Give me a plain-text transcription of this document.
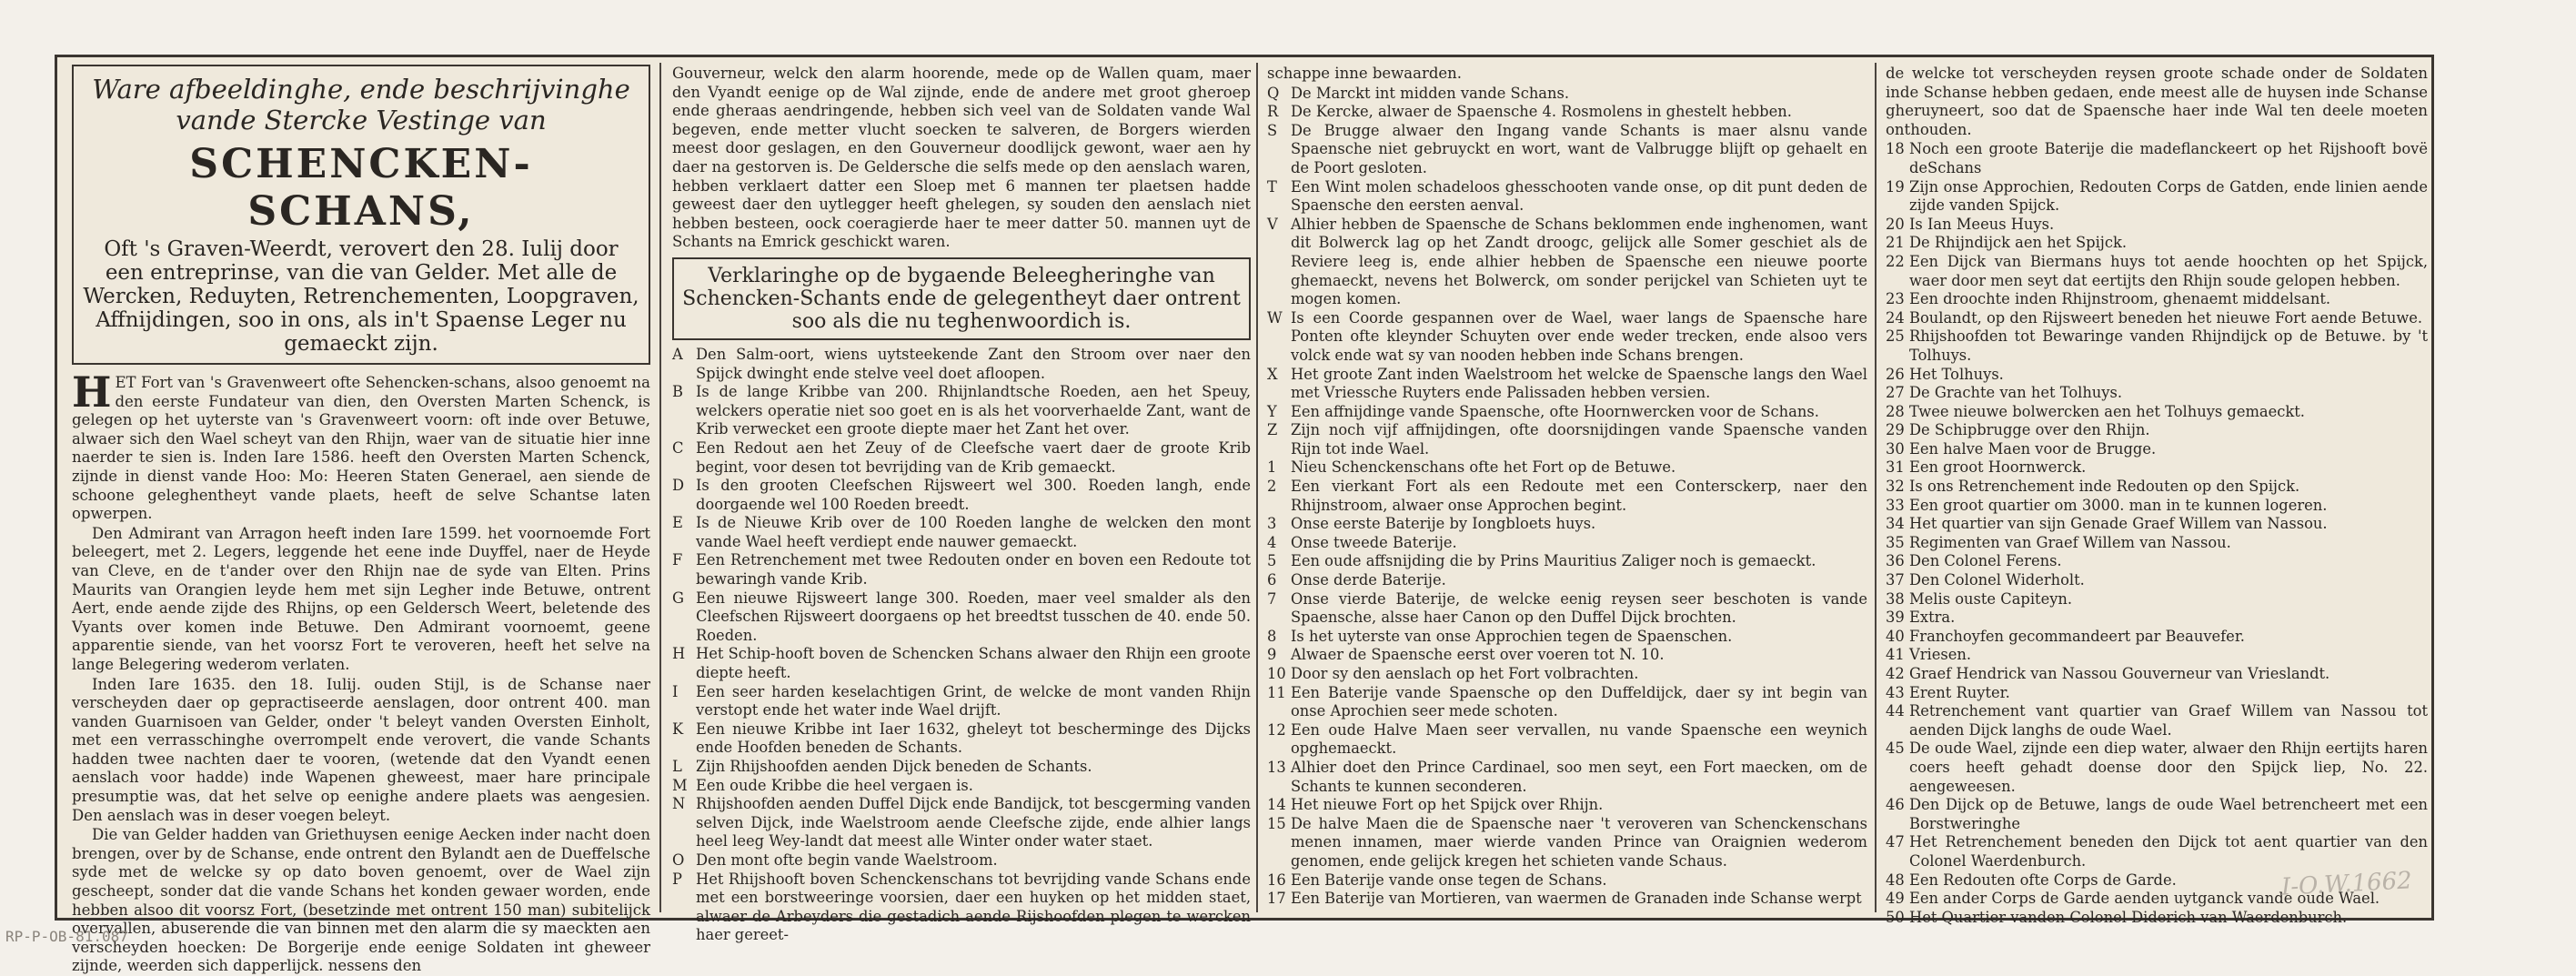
Ware afbeeldinghe, ende beschrijvinghe
vande Stercke Vestinge van
SCHENCKEN-SCHANS,
Oft 's Graven-Weerdt, verovert den 28. Iulij door een entreprinse, van die van Gelder. Met alle de Wercken, Reduyten, Retrenchementen, Loopgraven, Affnijdingen, soo in ons, als in't Spaense Leger nu gemaeckt zijn.

HET Fort van 's Gravenweert ofte Sehencken-schans, alsoo genoemt na den eerste Fundateur van dien, den Oversten Marten Schenck, is gelegen op het uyterste van 's Gravenweert voorn: oft inde over Betuwe, alwaer sich den Wael scheyt van den Rhijn, waer van de situatie hier inne naerder te sien is. Inden Iare 1586. heeft den Oversten Marten Schenck, zijnde in dienst vande Hoo: Mo: Heeren Staten Generael, aen siende de schoone geleghentheyt vande plaets, heeft de selve Schantse laten opwerpen.

Den Admirant van Arragon heeft inden Iare 1599. het voornoemde Fort beleegert, met 2. Legers, leggende het eene inde Duyffel, naer de Heyde van Cleve, en de t'ander over den Rhijn nae de syde van Elten. Prins Maurits van Orangien leyde hem met sijn Legher inde Betuwe, ontrent Aert, ende aende zijde des Rhijns, op een Geldersch Weert, beletende des Vyants over komen inde Betuwe. Den Admirant voornoemt, geene apparentie siende, van het voorsz Fort te veroveren, heeft het selve na lange Belegering wederom verlaten.

Inden Iare 1635. den 18. Iulij. ouden Stijl, is de Schanse naer verscheyden daer op gepractiseerde aenslagen, door ontrent 400. man vanden Guarnisoen van Gelder, onder 't beleyt vanden Oversten Einholt, met een verrasschinghe overrompelt ende verovert, die vande Schants hadden twee nachten daer te vooren, (wetende dat den Vyandt eenen aenslach voor hadde) inde Wapenen gheweest, maer hare principale presumptie was, dat het selve op eenighe andere plaets was aengesien. Den aenslach was in deser voegen beleyt.

Die van Gelder hadden van Griethuysen eenige Aecken inder nacht doen brengen, over by de Schanse, ende ontrent den Bylandt aen de Dueffelsche syde met de welcke sy op dato boven genoemt, over de Wael zijn gescheept, sonder dat die vande Schans het konden gewaer worden, ende hebben alsoo dit voorsz Fort, (besetzinde met ontrent 150 man) subitelijck overvallen, abuserende die van binnen met den alarm die sy maeckten aen verscheyden hoecken: De Borgerije ende eenige Soldaten int gheweer zijnde, weerden sich dapperlijck. nessens den

Gouverneur, welck den alarm hoorende, mede op de Wallen quam, maer den Vyandt eenige op de Wal zijnde, ende de andere met groot gheroep ende gheraas aendringende, hebben sich veel van de Soldaten vande Wal begeven, ende metter vlucht soecken te salveren, de Borgers wierden meest door geslagen, en den Gouverneur doodlijck gewont, waer aen hy daer na gestorven is. De Geldersche die selfs mede op den aenslach waren, hebben verklaert datter een Sloep met 6 mannen ter plaetsen hadde geweest daer den uytlegger heeft ghelegen, sy souden den aenslach niet hebben besteen, oock coeragierde haer te meer datter 50. mannen uyt de Schants na Emrick geschickt waren.

Verklaringhe op de bygaende Beleegheringhe van Schencken-Schants ende de gelegentheyt daer ontrent soo als die nu teghenwoordich is.
A Den Salm-oort, wiens uytsteekende Zant den Stroom over naer den Spijck dwinght ende stelve veel doet afloopen.
B Is de lange Kribbe van 200. Rhijnlandtsche Roeden, aen het Speuy, welckers operatie niet soo goet en is als het voorverhaelde Zant, want de Krib verwecket een groote diepte maer het Zant het over.
C Een Redout aen het Zeuy of de Cleefsche vaert daer de groote Krib begint, voor desen tot bevrijding van de Krib gemaeckt.
D Is den grooten Cleefschen Rijsweert wel 300. Roeden langh, ende doorgaende wel 100 Roeden breedt.
E Is de Nieuwe Krib over de 100 Roeden langhe de welcken den mont vande Wael heeft verdiept ende nauwer gemaeckt.
F Een Retrenchement met twee Redouten onder en boven een Redoute tot bewaringh vande Krib.
G Een nieuwe Rijsweert lange 300. Roeden, maer veel smalder als den Cleefschen Rijsweert doorgaens op het breedtst tusschen de 40. ende 50. Roeden.
H Het Schip-hooft boven de Schencken Schans alwaer den Rhijn een groote diepte heeft.
I	Een seer harden keselachtigen Grint, de welcke de mont vanden Rhijn verstopt ende het water inde Wael drijft.
K Een nieuwe Kribbe int Iaer 1632, gheleyt tot bescherminge des Dijcks ende Hoofden beneden de Schants.
L Zijn Rhijshoofden aenden Dijck beneden de Schants.
M Een oude Kribbe die heel vergaen is.
N Rhijshoofden aenden Duffel Dijck ende Bandijck, tot bescgerming vanden selven Dijck, inde Waelstroom aende Cleefsche zijde, ende alhier langs heel leeg Wey-landt dat meest alle Winter onder water staet.
O Den mont ofte begin vande Waelstroom.
P Het Rhijshooft boven Schenckenschans tot bevrijding vande Schans ende met een borstweeringe voorsien, daer een huyken op het midden staet, alwaer de Arbeyders die gestadich aende Rijshoofden plegen te wercken haer gereet-

schappe inne bewaarden.

Q De Marckt int midden vande Schans.
R De Kercke, alwaer de Spaensche 4. Rosmolens in ghestelt hebben.
S De Brugge alwaer den Ingang vande Schants is maer alsnu vande Spaensche niet gebruyckt en wort, want de Valbrugge blijft op gehaelt en de Poort gesloten.
T Een Wint molen schadeloos ghesschooten vande onse, op dit punt deden de Spaensche den eersten aenval.
V Alhier hebben de Spaensche de Schans beklommen ende inghenomen, want dit Bolwerck lag op het Zandt droogc, gelijck alle Somer geschiet als de Reviere leeg is, ende alhier hebben de Spaensche een nieuwe poorte ghemaeckt, nevens het Bolwerck, om sonder perijckel van Schieten uyt te mogen komen.
W Is een Coorde gespannen over de Wael, waer langs de Spaensche hare Ponten ofte kleynder Schuyten over ende weder trecken, ende alsoo vers volck ende wat sy van nooden hebben inde Schans brengen.
X Het groote Zant inden Waelstroom het welcke de Spaensche langs den Wael met Vriessche Ruyters ende Palissaden hebben versien.
Y Een affnijdinge vande Spaensche, ofte Hoornwercken voor de Schans.
Z Zijn noch vijf affnijdingen, ofte doorsnijdingen vande Spaensche vanden Rijn tot inde Wael.
1 Nieu Schenckenschans ofte het Fort op de Betuwe.
2 Een vierkant Fort als een Redoute met een Contersckerp, naer den Rhijnstroom, alwaer onse Approchen begint.
3 Onse eerste Baterije by Iongbloets huys.
4 Onse tweede Baterije.
5 Een oude affsnijding die by Prins Mauritius Zaliger noch is gemaeckt.
6 Onse derde Baterije.
7 Onse vierde Baterije, de welcke eenig reysen seer beschoten is vande Spaensche, alsse haer Canon op den Duffel Dijck brochten.
8 Is het uyterste van onse Approchien tegen de Spaenschen.
9 Alwaer de Spaensche eerst over voeren tot N. 10.
10 Door sy den aenslach op het Fort volbrachten.
11 Een Baterije vande Spaensche op den Duffeldijck, daer sy int begin van onse Aprochien seer mede schoten.
12 Een oude Halve Maen seer vervallen, nu vande Spaensche een weynich opghemaeckt.
13 Alhier doet den Prince Cardinael, soo men seyt, een Fort maecken, om de Schants te kunnen seconderen.
14 Het nieuwe Fort op het Spijck over Rhijn.
15 De halve Maen die de Spaensche naer 't veroveren van Schenckenschans menen innamen, maer wierde vanden Prince van Oraignien wederom genomen, ende gelijck kregen het schieten vande Schaus.
16 Een Baterije vande onse tegen de Schans.
17 Een Baterije van Mortieren, van waermen de Granaden inde Schanse werpt

de welcke tot verscheyden reysen groote schade onder de Soldaten inde Schanse hebben gedaen, ende meest alle de huysen inde Schanse gheruyneert, soo dat de Spaensche haer inde Wal ten deele moeten onthouden.

18 Noch een groote Baterije die madeflanckeert op het Rijshooft bovë deSchans
19 Zijn onse Approchien, Redouten Corps de Gatden, ende linien aende zijde vanden Spijck.
20 Is Ian Meeus Huys.
21 De Rhijndijck aen het Spijck.
22 Een Dijck van Biermans huys tot aende hoochten op het Spijck, waer door men seyt dat eertijts den Rhijn soude gelopen hebben.
23 Een droochte inden Rhijnstroom, ghenaemt middelsant.
24 Boulandt, op den Rijsweert beneden het nieuwe Fort aende Betuwe.
25 Rhijshoofden tot Bewaringe vanden Rhijndijck op de Betuwe. by 't Tolhuys.
26 Het Tolhuys.
27 De Grachte van het Tolhuys.
28 Twee nieuwe bolwercken aen het Tolhuys gemaeckt.
29 De Schipbrugge over den Rhijn.
30 Een halve Maen voor de Brugge.
31 Een groot Hoornwerck.
32 Is ons Retrenchement inde Redouten op den Spijck.
33 Een groot quartier om 3000. man in te kunnen logeren.
34 Het quartier van sijn Genade Graef Willem van Nassou.
35 Regimenten van Graef Willem van Nassou.
36 Den Colonel Ferens.
37 Den Colonel Widerholt.
38 Melis ouste Capiteyn.
39 Extra.
40 Franchoyfen gecommandeert par Beauvefer.
41 Vriesen.
42 Graef Hendrick van Nassou Gouverneur van Vrieslandt.
43 Erent Ruyter.
44 Retrenchement vant quartier van Graef Willem van Nassou tot aenden Dijck langhs de oude Wael.
45 De oude Wael, zijnde een diep water, alwaer den Rhijn eertijts haren coers heeft gehadt doense door den Spijck liep, No. 22. aengeweesen.
46 Den Dijck op de Betuwe, langs de oude Wael betrencheert met een Borstweringhe
47 Het Retrenchement beneden den Dijck tot aent quartier van den Colonel Waerdenburch.
48 Een Redouten ofte Corps de Garde.
49 Een ander Corps de Garde aenden uytganck vande oude Wael.
50 Het Quartier vanden Colonel Diderich van Waerdenburch.
I-O.W.1662
RP-P-OB-81.087
